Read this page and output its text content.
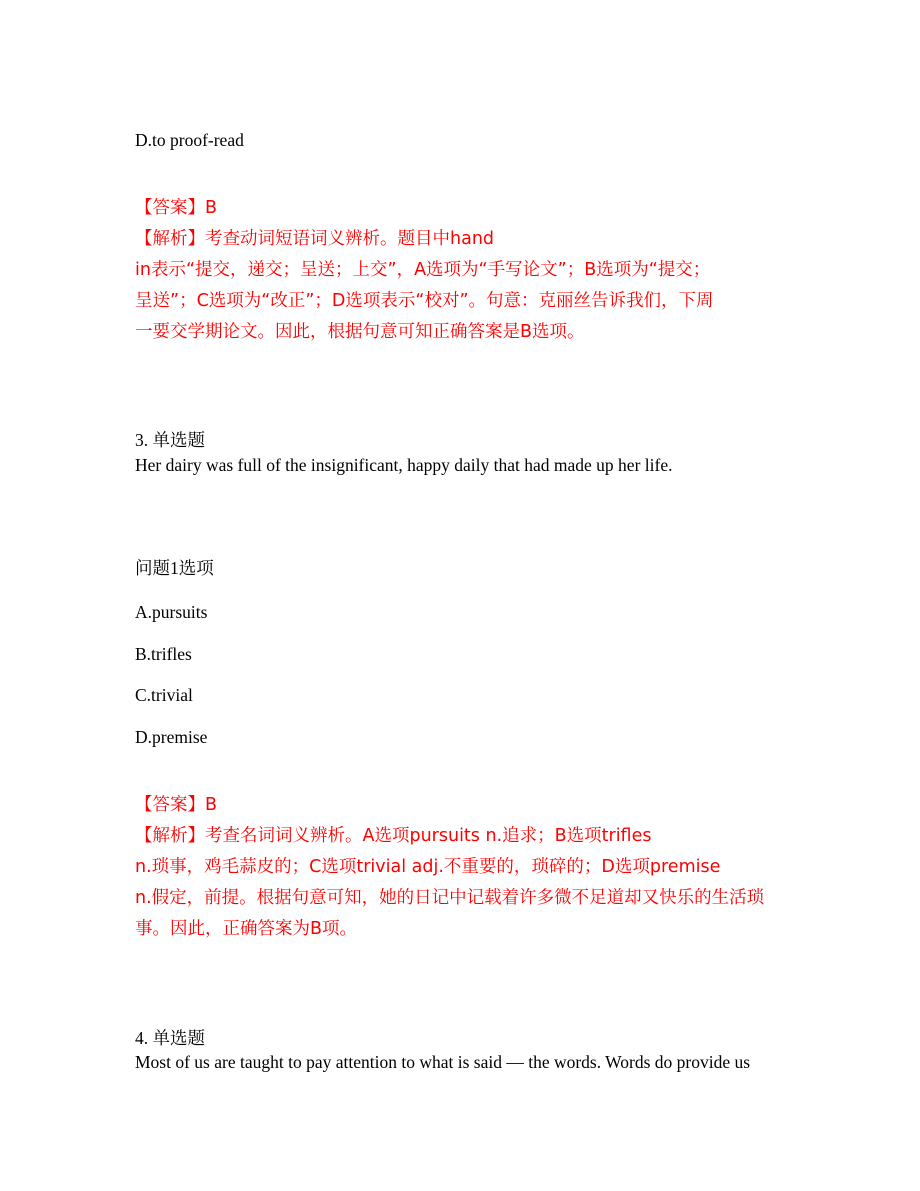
D.to proof-read
【答案】B
【解析】考查动词短语词义辨析。题目中hand
in表示“提交，递交；呈送；上交”，A选项为“手写论文”；B选项为“提交；
呈送”；C选项为“改正”；D选项表示“校对”。句意：克丽丝告诉我们，下周
一要交学期论文。因此，根据句意可知正确答案是B选项。
3. 单选题
Her dairy was full of the insignificant, happy daily that had made up her life.
问题1选项
A.pursuits
B.trifles
C.trivial
D.premise
【答案】B
【解析】考查名词词义辨析。A选项pursuits n.追求；B选项trifles
n.琐事，鸡毛蒜皮的；C选项trivial adj.不重要的，琐碎的；D选项premise
n.假定，前提。根据句意可知，她的日记中记载着许多微不足道却又快乐的生活琐
事。因此，正确答案为B项。
4. 单选题
Most of us are taught to pay attention to what is said — the words. Words do provide us
